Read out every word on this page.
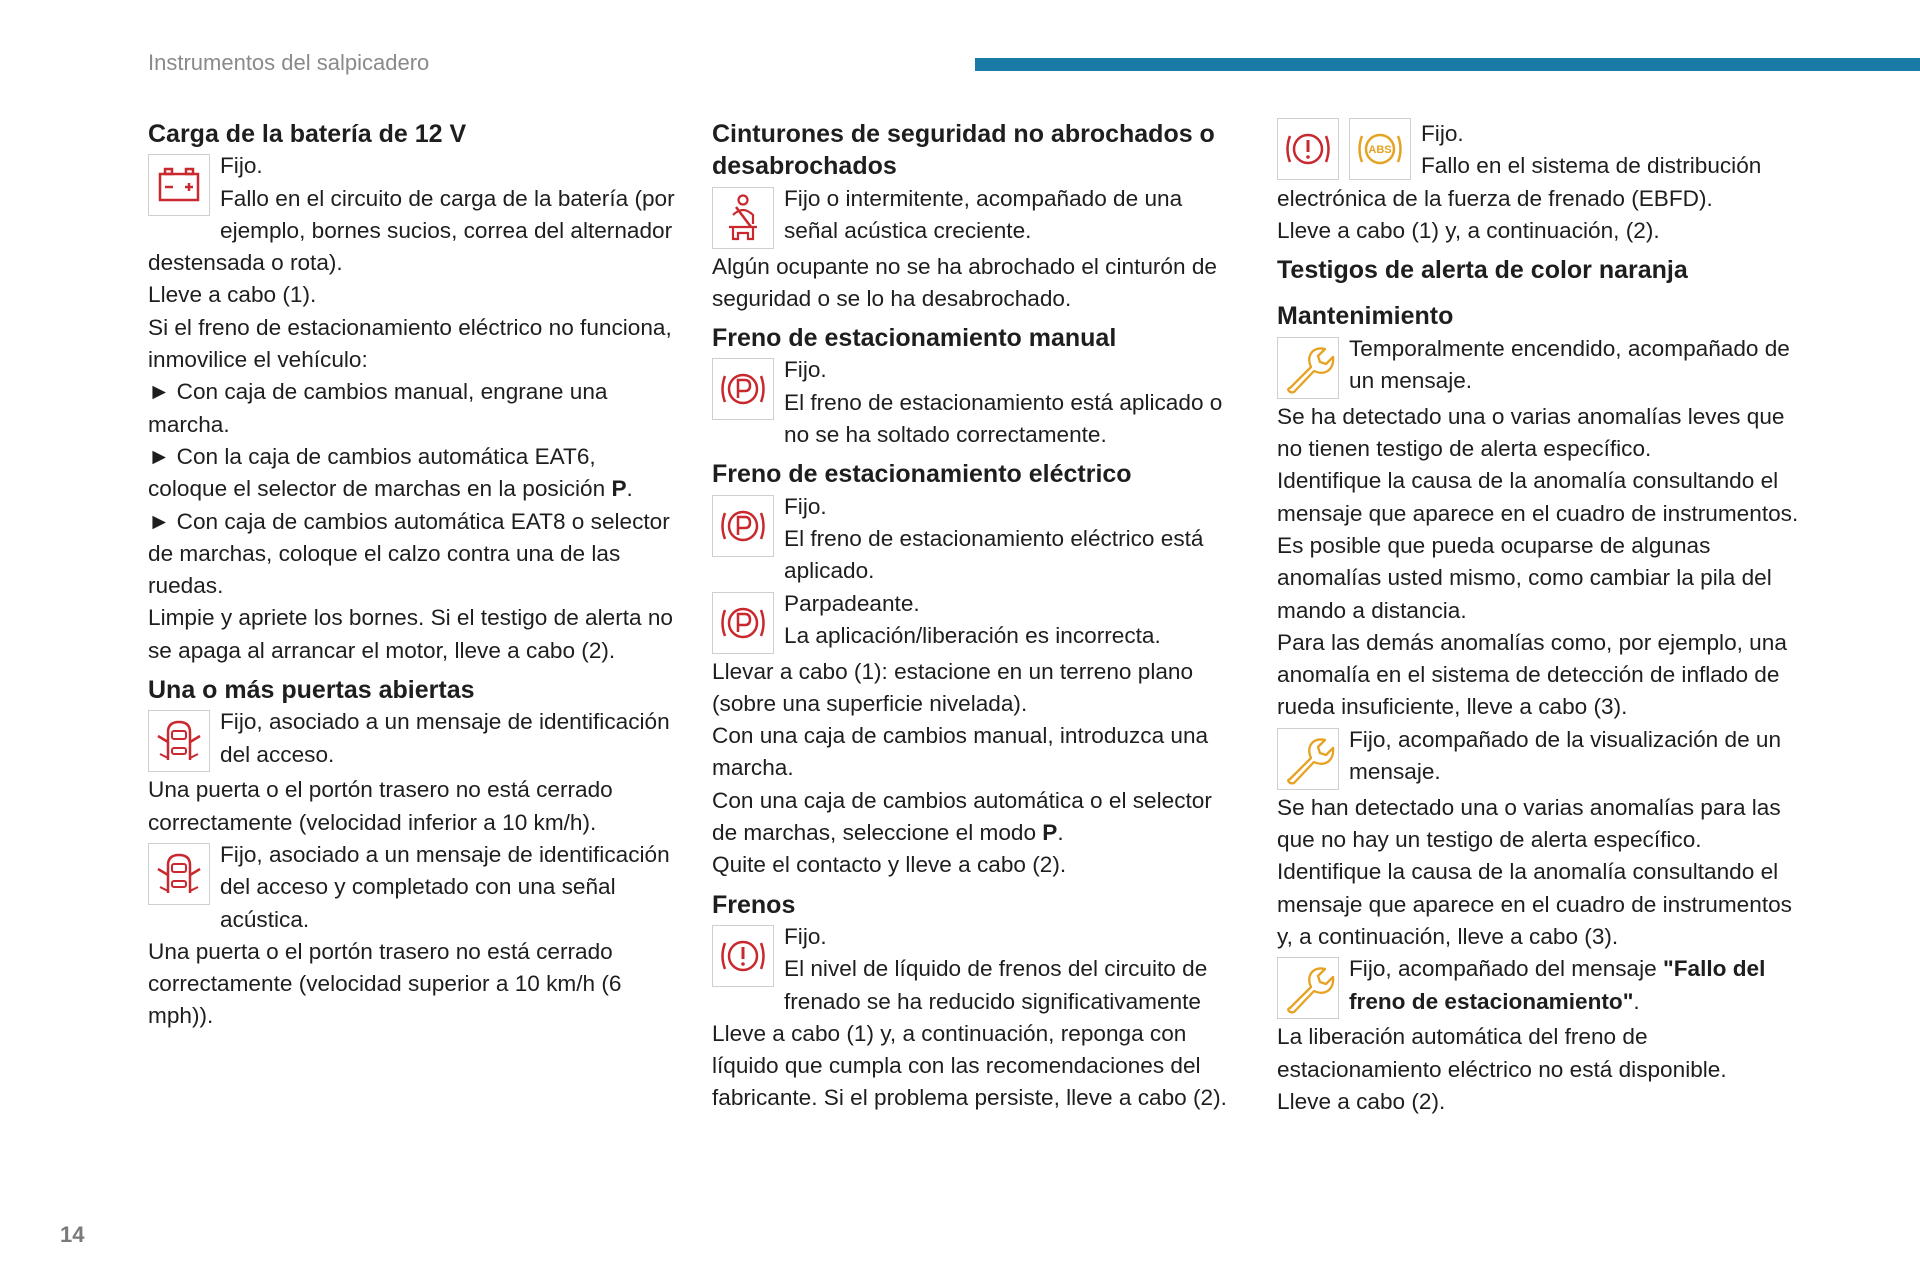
Instrumentos del salpicadero
Carga de la batería de 12 V
Fijo.
Fallo en el circuito de carga de la batería (por ejemplo, bornes sucios, correa del alternador destensada o rota).

Lleve a cabo (1).

Si el freno de estacionamiento eléctrico no funciona, inmovilice el vehículo:

► Con caja de cambios manual, engrane una marcha.

► Con la caja de cambios automática EAT6, coloque el selector de marchas en la posición P.

► Con caja de cambios automática EAT8 o selector de marchas, coloque el calzo contra una de las ruedas.

Limpie y apriete los bornes. Si el testigo de alerta no se apaga al arrancar el motor, lleve a cabo (2).

Una o más puertas abiertas
Fijo, asociado a un mensaje de identificación del acceso.

Una puerta o el portón trasero no está cerrado correctamente (velocidad inferior a 10 km/h).

Fijo, asociado a un mensaje de identificación del acceso y completado con una señal acústica.

Una puerta o el portón trasero no está cerrado correctamente (velocidad superior a 10 km/h (6 mph)).

Cinturones de seguridad no abrochados o desabrochados
Fijo o intermitente, acompañado de una señal acústica creciente.

Algún ocupante no se ha abrochado el cinturón de seguridad o se lo ha desabrochado.

Freno de estacionamiento manual
Fijo.
El freno de estacionamiento está aplicado o no se ha soltado correctamente.
Freno de estacionamiento eléctrico
Fijo.
El freno de estacionamiento eléctrico está aplicado.
Parpadeante.
La aplicación/liberación es incorrecta.

Llevar a cabo (1): estacione en un terreno plano (sobre una superficie nivelada).

Con una caja de cambios manual, introduzca una marcha.

Con una caja de cambios automática o el selector de marchas, seleccione el modo P.

Quite el contacto y lleve a cabo (2).

Frenos
Fijo.
El nivel de líquido de frenos del circuito de frenado se ha reducido significativamente

Lleve a cabo (1) y, a continuación, reponga con líquido que cumpla con las recomendaciones del fabricante. Si el problema persiste, lleve a cabo (2).

ABS
Fijo.
Fallo en el sistema de distribución electrónica de la fuerza de frenado (EBFD).

Lleve a cabo (1) y, a continuación, (2).

Testigos de alerta de color naranja
Mantenimiento
Temporalmente encendido, acompañado de un mensaje.

Se ha detectado una o varias anomalías leves que no tienen testigo de alerta específico.

Identifique la causa de la anomalía consultando el mensaje que aparece en el cuadro de instrumentos.

Es posible que pueda ocuparse de algunas anomalías usted mismo, como cambiar la pila del mando a distancia.

Para las demás anomalías como, por ejemplo, una anomalía en el sistema de detección de inflado de rueda insuficiente, lleve a cabo (3).

Fijo, acompañado de la visualización de un mensaje.

Se han detectado una o varias anomalías para las que no hay un testigo de alerta específico.

Identifique la causa de la anomalía consultando el mensaje que aparece en el cuadro de instrumentos y, a continuación, lleve a cabo (3).

Fijo, acompañado del mensaje "Fallo del freno de estacionamiento".

La liberación automática del freno de estacionamiento eléctrico no está disponible.

Lleve a cabo (2).

14
